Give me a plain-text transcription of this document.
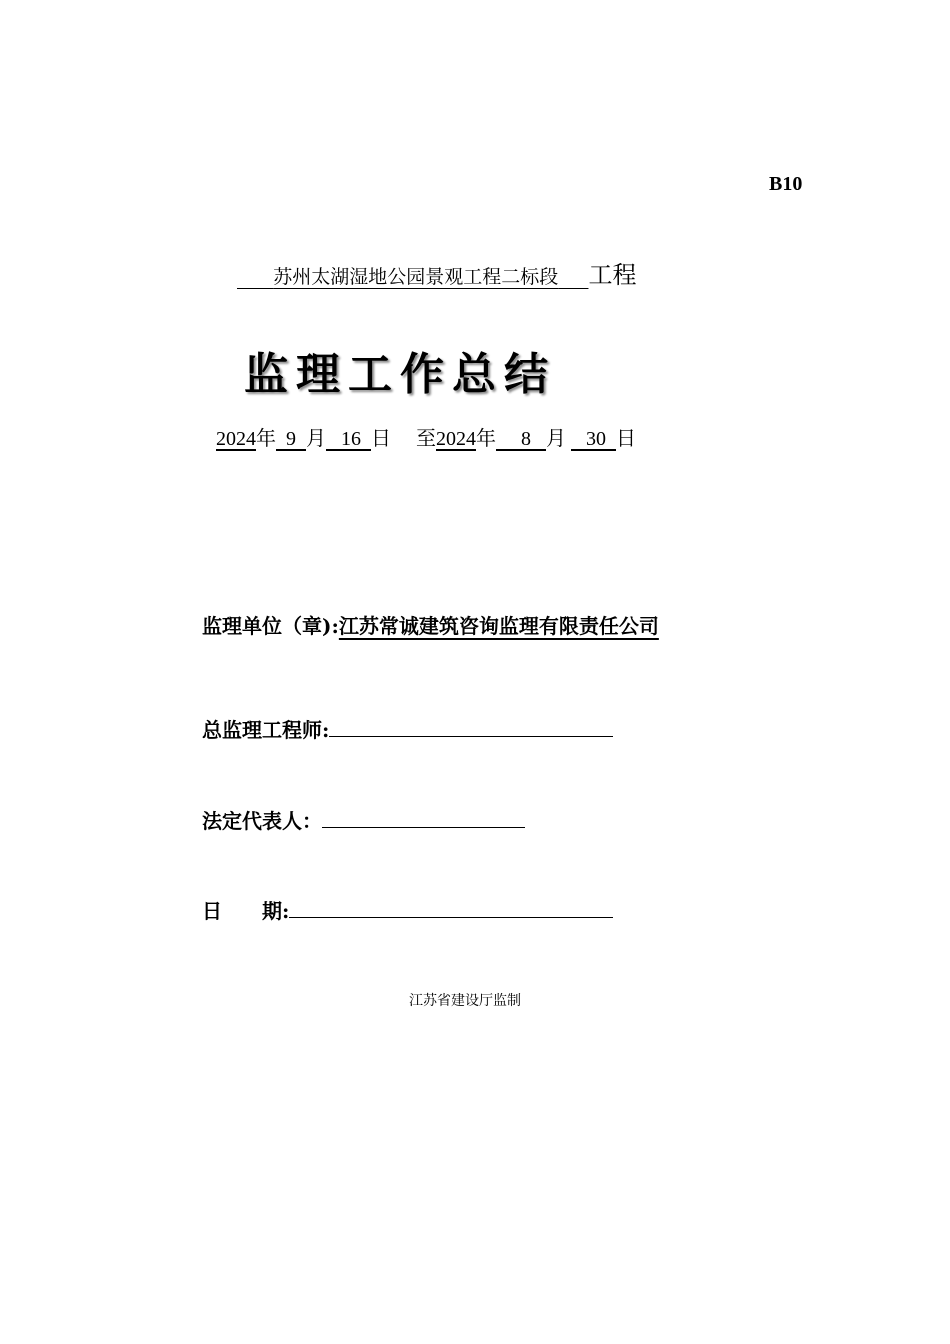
B10
苏州太湖湿地公园景观工程二标段 工程
监理工作总结
2024年 9 月 16 日 至2024年 8 月 30 日
监理单位（章):江苏常诚建筑咨询监理有限责任公司
总监理工程师:
法定代表人：
日 期:
江苏省建设厅监制
